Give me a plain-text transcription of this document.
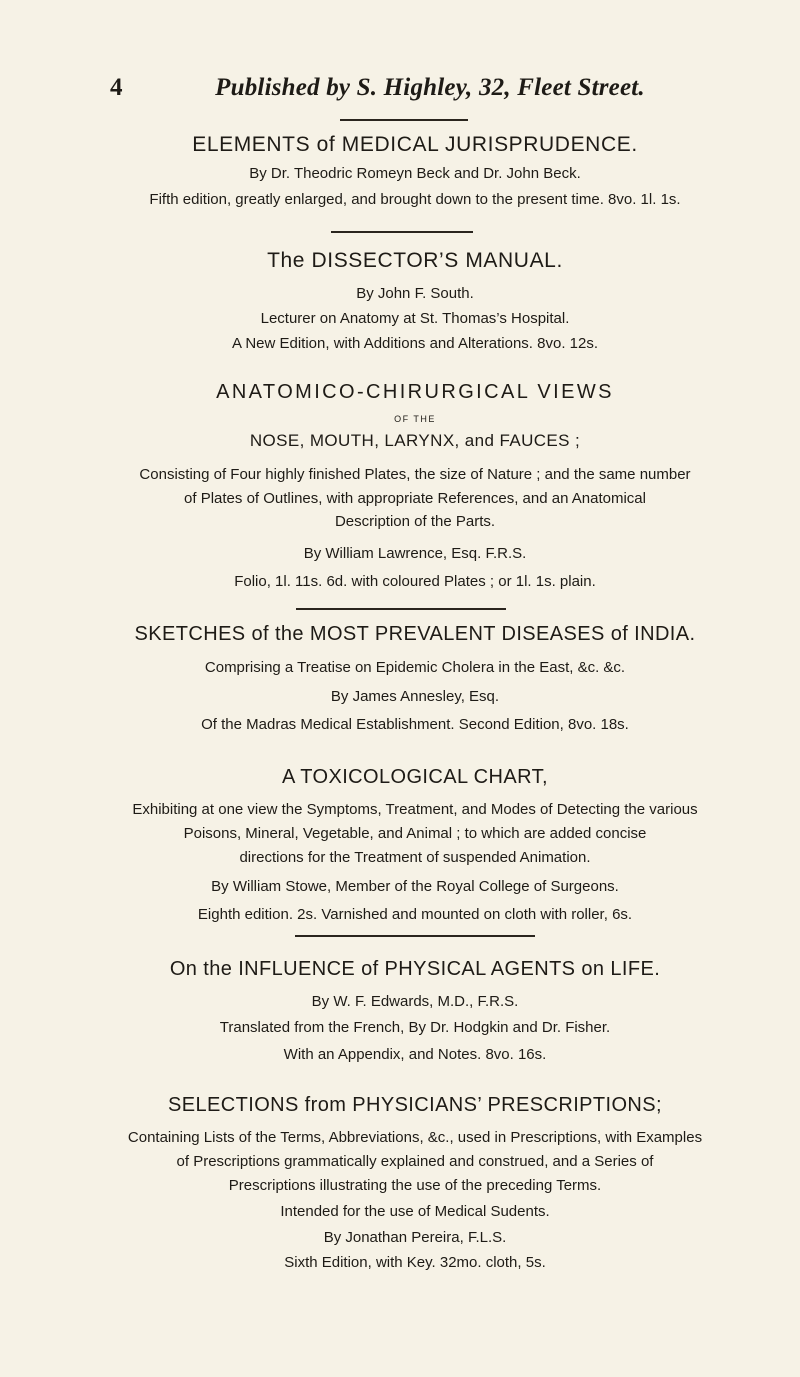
4	Published by S. Highley, 32, Fleet Street.
ELEMENTS of MEDICAL JURISPRUDENCE.
By Dr. Theodric Romeyn Beck and Dr. John Beck.
Fifth edition, greatly enlarged, and brought down to the present time. 8vo. 1l. 1s.
The DISSECTOR’S MANUAL.
By John F. South.
Lecturer on Anatomy at St. Thomas’s Hospital.
A New Edition, with Additions and Alterations. 8vo. 12s.
ANATOMICO-CHIRURGICAL VIEWS
OF THE
NOSE, MOUTH, LARYNX, and FAUCES ;
Consisting of Four highly finished Plates, the size of Nature ; and the same number
of Plates of Outlines, with appropriate References, and an Anatomical
Description of the Parts.
By William Lawrence, Esq. F.R.S.
Folio, 1l. 11s. 6d. with coloured Plates ; or 1l. 1s. plain.
SKETCHES of the MOST PREVALENT DISEASES of INDIA.
Comprising a Treatise on Epidemic Cholera in the East, &c. &c.
By James Annesley, Esq.
Of the Madras Medical Establishment. Second Edition, 8vo. 18s.
A TOXICOLOGICAL CHART,
Exhibiting at one view the Symptoms, Treatment, and Modes of Detecting the various
Poisons, Mineral, Vegetable, and Animal ; to which are added concise
directions for the Treatment of suspended Animation.
By William Stowe, Member of the Royal College of Surgeons.
Eighth edition. 2s. Varnished and mounted on cloth with roller, 6s.
On the INFLUENCE of PHYSICAL AGENTS on LIFE.
By W. F. Edwards, M.D., F.R.S.
Translated from the French, By Dr. Hodgkin and Dr. Fisher.
With an Appendix, and Notes. 8vo. 16s.
SELECTIONS from PHYSICIANS’ PRESCRIPTIONS;
Containing Lists of the Terms, Abbreviations, &c., used in Prescriptions, with Examples
of Prescriptions grammatically explained and construed, and a Series of
Prescriptions illustrating the use of the preceding Terms.
Intended for the use of Medical Sudents.
By Jonathan Pereira, F.L.S.
Sixth Edition, with Key. 32mo. cloth, 5s.
